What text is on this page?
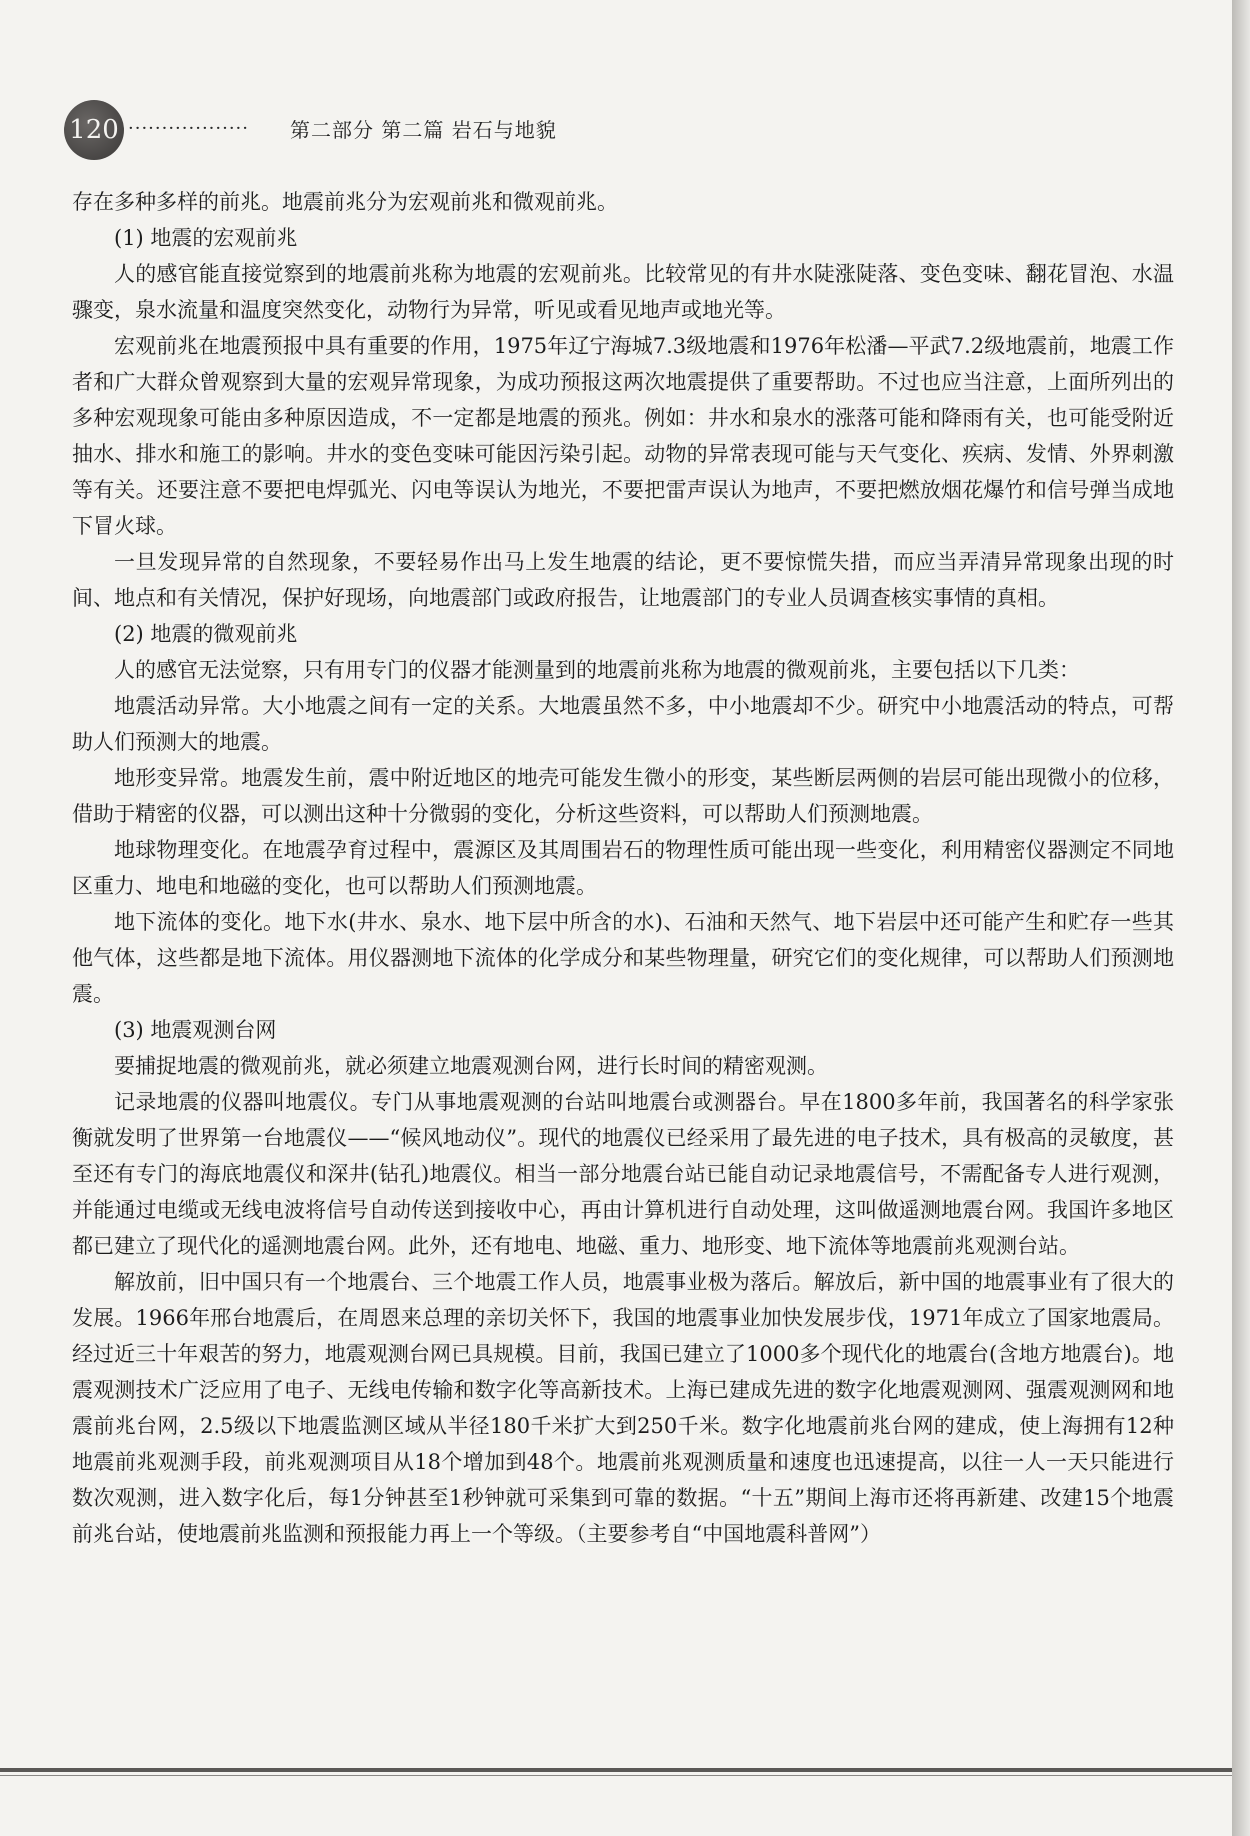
120 ·················· 第二部分 第二篇 岩石与地貌

存在多种多样的前兆。地震前兆分为宏观前兆和微观前兆。

(1) 地震的宏观前兆

人的感官能直接觉察到的地震前兆称为地震的宏观前兆。比较常见的有井水陡涨陡落、变色变味、翻花冒泡、水温骤变，泉水流量和温度突然变化，动物行为异常，听见或看见地声或地光等。

宏观前兆在地震预报中具有重要的作用，1975年辽宁海城7.3级地震和1976年松潘—平武7.2级地震前，地震工作者和广大群众曾观察到大量的宏观异常现象，为成功预报这两次地震提供了重要帮助。不过也应当注意，上面所列出的多种宏观现象可能由多种原因造成，不一定都是地震的预兆。例如：井水和泉水的涨落可能和降雨有关，也可能受附近抽水、排水和施工的影响。井水的变色变味可能因污染引起。动物的异常表现可能与天气变化、疾病、发情、外界刺激等有关。还要注意不要把电焊弧光、闪电等误认为地光，不要把雷声误认为地声，不要把燃放烟花爆竹和信号弹当成地下冒火球。

一旦发现异常的自然现象，不要轻易作出马上发生地震的结论，更不要惊慌失措，而应当弄清异常现象出现的时间、地点和有关情况，保护好现场，向地震部门或政府报告，让地震部门的专业人员调查核实事情的真相。

(2) 地震的微观前兆

人的感官无法觉察，只有用专门的仪器才能测量到的地震前兆称为地震的微观前兆，主要包括以下几类：

地震活动异常。大小地震之间有一定的关系。大地震虽然不多，中小地震却不少。研究中小地震活动的特点，可帮助人们预测大的地震。

地形变异常。地震发生前，震中附近地区的地壳可能发生微小的形变，某些断层两侧的岩层可能出现微小的位移，借助于精密的仪器，可以测出这种十分微弱的变化，分析这些资料，可以帮助人们预测地震。

地球物理变化。在地震孕育过程中，震源区及其周围岩石的物理性质可能出现一些变化，利用精密仪器测定不同地区重力、地电和地磁的变化，也可以帮助人们预测地震。

地下流体的变化。地下水(井水、泉水、地下层中所含的水)、石油和天然气、地下岩层中还可能产生和贮存一些其他气体，这些都是地下流体。用仪器测地下流体的化学成分和某些物理量，研究它们的变化规律，可以帮助人们预测地震。

(3) 地震观测台网

要捕捉地震的微观前兆，就必须建立地震观测台网，进行长时间的精密观测。

记录地震的仪器叫地震仪。专门从事地震观测的台站叫地震台或测器台。早在1800多年前，我国著名的科学家张衡就发明了世界第一台地震仪——“候风地动仪”。现代的地震仪已经采用了最先进的电子技术，具有极高的灵敏度，甚至还有专门的海底地震仪和深井(钻孔)地震仪。相当一部分地震台站已能自动记录地震信号，不需配备专人进行观测，并能通过电缆或无线电波将信号自动传送到接收中心，再由计算机进行自动处理，这叫做遥测地震台网。我国许多地区都已建立了现代化的遥测地震台网。此外，还有地电、地磁、重力、地形变、地下流体等地震前兆观测台站。

解放前，旧中国只有一个地震台、三个地震工作人员，地震事业极为落后。解放后，新中国的地震事业有了很大的发展。1966年邢台地震后，在周恩来总理的亲切关怀下，我国的地震事业加快发展步伐，1971年成立了国家地震局。经过近三十年艰苦的努力，地震观测台网已具规模。目前，我国已建立了1000多个现代化的地震台(含地方地震台)。地震观测技术广泛应用了电子、无线电传输和数字化等高新技术。上海已建成先进的数字化地震观测网、强震观测网和地震前兆台网，2.5级以下地震监测区域从半径180千米扩大到250千米。数字化地震前兆台网的建成，使上海拥有12种地震前兆观测手段，前兆观测项目从18个增加到48个。地震前兆观测质量和速度也迅速提高，以往一人一天只能进行数次观测，进入数字化后，每1分钟甚至1秒钟就可采集到可靠的数据。“十五”期间上海市还将再新建、改建15个地震前兆台站，使地震前兆监测和预报能力再上一个等级。（主要参考自“中国地震科普网”）
